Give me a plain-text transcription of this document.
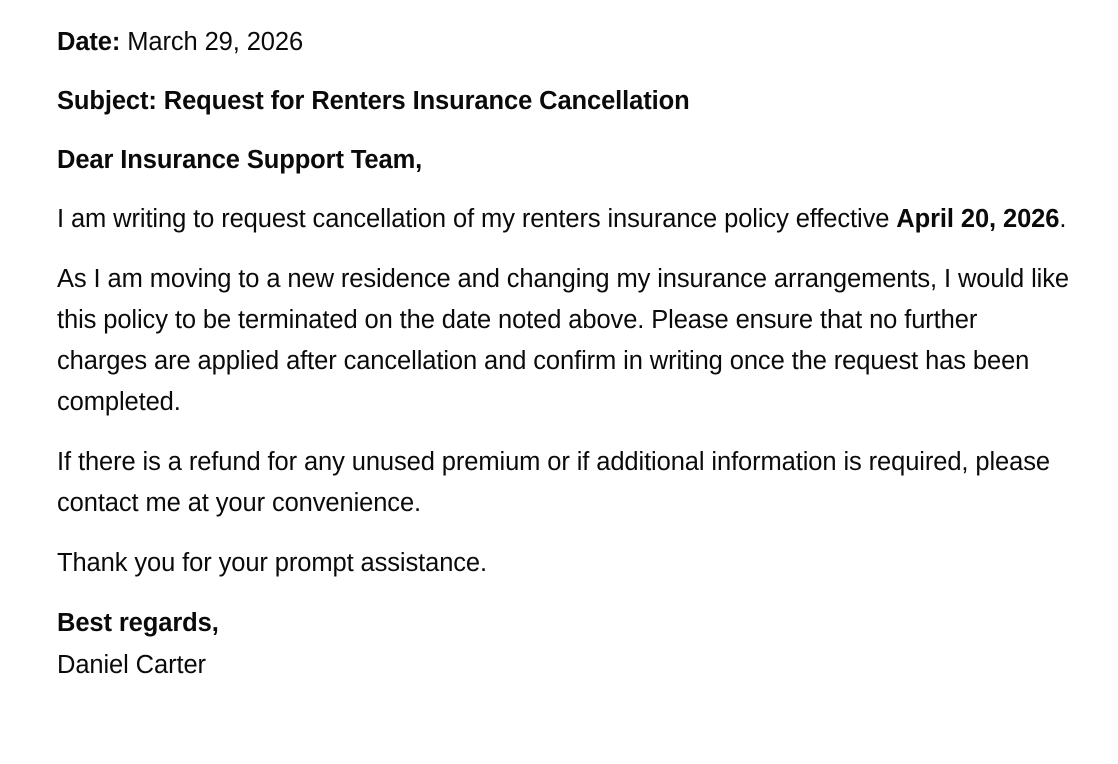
Date: March 29, 2026

Subject: Request for Renters Insurance Cancellation

Dear Insurance Support Team,

I am writing to request cancellation of my renters insurance policy effective April 20, 2026.

As I am moving to a new residence and changing my insurance arrangements, I would like this policy to be terminated on the date noted above. Please ensure that no further charges are applied after cancellation and confirm in writing once the request has been completed.

If there is a refund for any unused premium or if additional information is required, please contact me at your convenience.

Thank you for your prompt assistance.

Best regards,

Daniel Carter
